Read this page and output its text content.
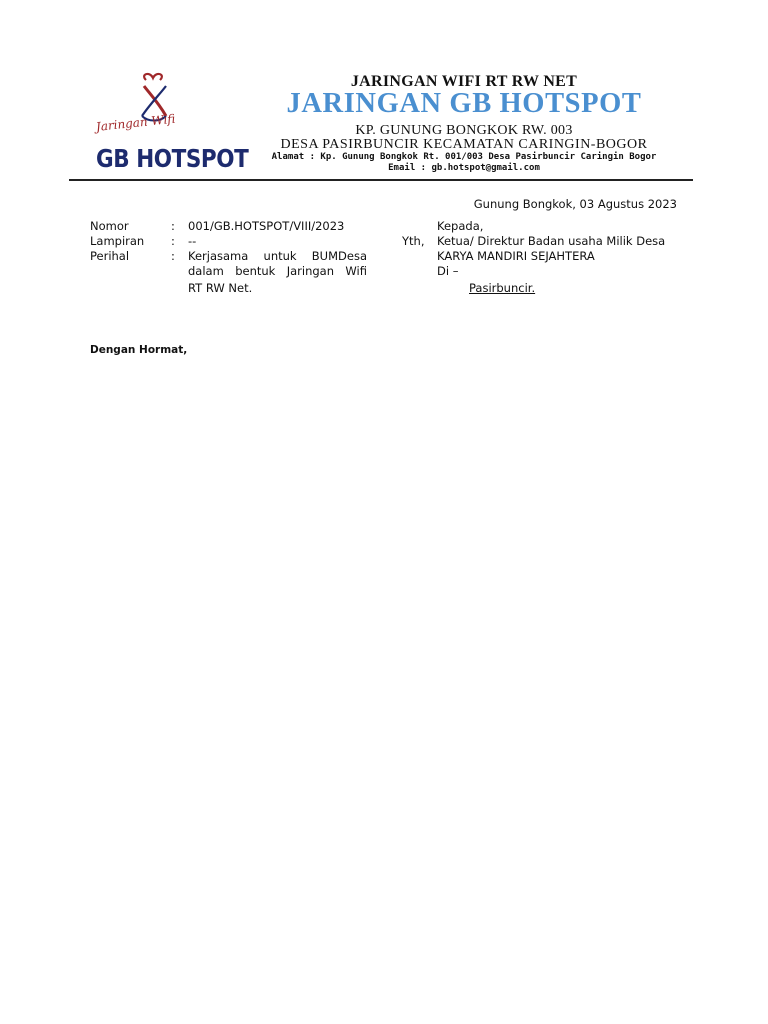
Jaringan Wifi
GB HOTSPOT
JARINGAN WIFI RT RW NET
JARINGAN GB HOTSPOT
KP. GUNUNG BONGKOK RW. 003
DESA PASIRBUNCIR KECAMATAN CARINGIN-BOGOR
Alamat : Kp. Gunung Bongkok Rt. 001/003 Desa Pasirbuncir Caringin Bogor
Email : gb.hotspot@gmail.com
Gunung Bongkok, 03 Agustus 2023
Nomor	: 001/GB.HOTSPOT/VIII/2023
Lampiran : --
Perihal	: Kerjasama untuk BUMDesa
dalam bentuk Jaringan Wifi
RT RW Net.
Kepada,
Yth, Ketua/ Direktur Badan usaha Milik Desa
KARYA MANDIRI SEJAHTERA
Di –
Pasirbuncir.
Dengan Hormat,
